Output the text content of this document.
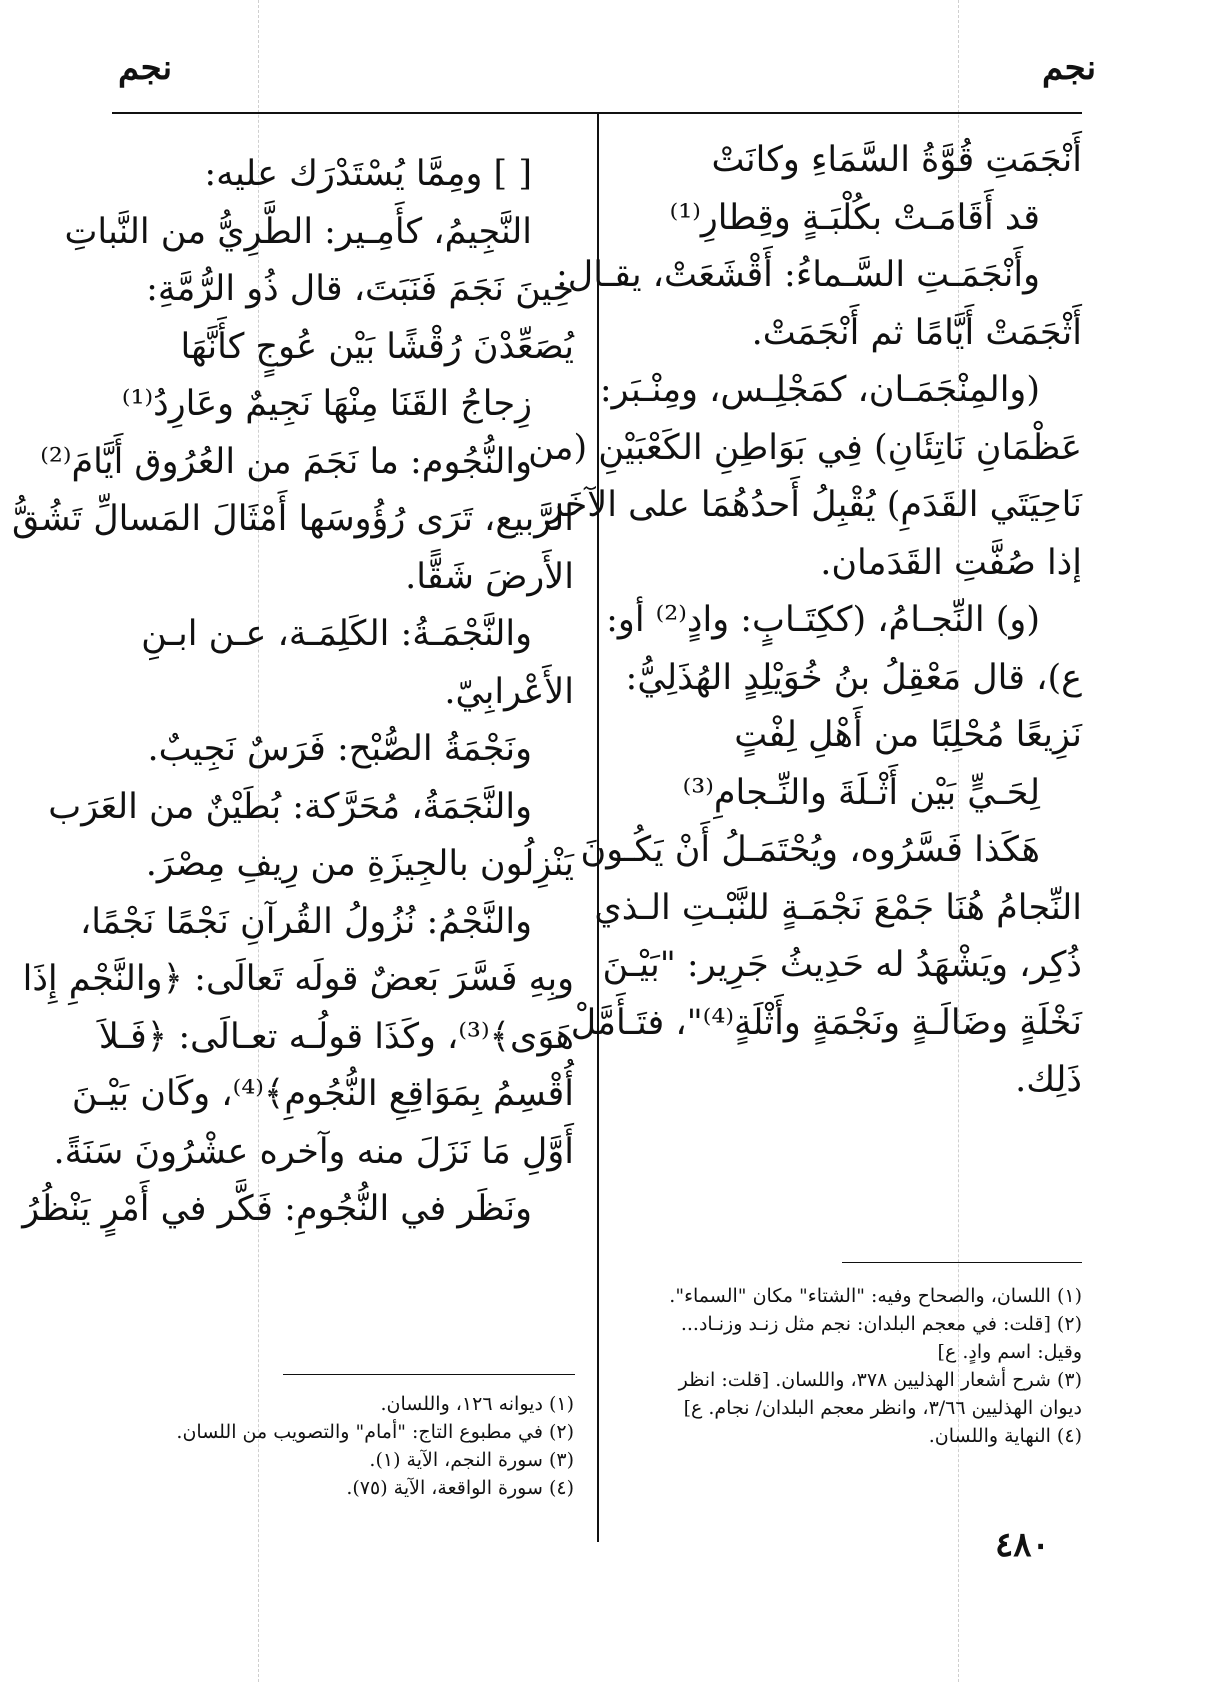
نجم
نجم
أَنْجَمَتِ قُوَّةُ السَّمَاءِ وكانَتْ
قد أَقَامَـتْ بكُلْبَـةٍ وقِطارِ⁽¹⁾
وأَنْجَمَـتِ السَّـماءُ: أَقْشَعَتْ، يقـال:
أَثْجَمَتْ أَيَّامًا ثم أَنْجَمَتْ.
(والمِنْجَمَـان، كمَجْلِـس، ومِنْـبَر:
عَظْمَانِ نَاتِئَانِ) فِي بَوَاطِنِ الكَعْبَيْنِ (من
نَاحِيَتَي القَدَمِ) يُقْبِلُ أَحدُهُمَا على الآخَرِ
إذا صُفَّتِ القَدَمان.
(و) النِّجـامُ، (ككِتَـابٍ: وادٍ⁽²⁾ أو:
ع)، قال مَعْقِلُ بنُ خُوَيْلِدٍ الهُذَلِيُّ:
نَزِيعًا مُحْلِبًا من أَهْلِ لِفْتٍ
لِحَـيٍّ بَيْن أَثْـلَةَ والنِّـجامِ⁽³⁾
هَكَذا فَسَّرُوه، ويُحْتَمَـلُ أَنْ يَكُـونَ
النِّجامُ هُنَا جَمْعَ نَجْمَـةٍ للنَّبْـتِ الـذي
ذُكِر، ويَشْهَدُ له حَدِيثُ جَرِير: "بَيْـنَ
نَخْلَةٍ وضَالَـةٍ ونَجْمَةٍ وأَثْلَةٍ⁽⁴⁾"، فتَـأَمَّلْ
ذَلِك.
(١) اللسان، والصحاح وفيه: "الشتاء" مكان "السماء".
(٢) [قلت: في معجم البلدان: نجم مثل زنـد وزنـاد...
وقيل: اسم وادٍ. ع]
(٣) شرح أشعار الهذليين ٣٧٨، واللسان. [قلت: انظر
ديوان الهذليين ٣/٦٦، وانظر معجم البلدان/ نجام. ع]
(٤) النهاية واللسان.
[ ] ومِمَّا يُسْتَدْرَك عليه:
النَّجِيمُ، كأَمِـير: الطَّرِيُّ من النَّباتِ
حِينَ نَجَمَ فَنَبَتَ، قال ذُو الرُّمَّةِ:
يُصَعِّدْنَ رُقْشًا بَيْن عُوجٍ كأَنَّهَا
زِجاجُ القَنَا مِنْهَا نَجِيمٌ وعَارِدُ⁽¹⁾
والنُّجُوم: ما نَجَمَ من العُرُوق أَيَّامَ⁽²⁾
الرَّبيع، تَرَى رُؤُوسَها أَمْثَالَ المَسالِّ تَشُقُّ
الأَرضَ شَقًّا.
والنَّجْمَـةُ: الكَلِمَـة، عـن ابـنِ
الأَعْرابِيّ.
ونَجْمَةُ الصُّبْح: فَرَسٌ نَجِيبٌ.
والنَّجَمَةُ، مُحَرَّكة: بُطَيْنٌ من العَرَب
يَنْزِلُون بالجِيزَةِ من رِيفِ مِصْرَ.
والنَّجْمُ: نُزُولُ القُرآنِ نَجْمًا نَجْمًا،
وبِهِ فَسَّرَ بَعضٌ قولَه تَعالَى: ﴿والنَّجْمِ إِذَا
هَوَى﴾⁽³⁾، وكَذَا قولُـه تعـالَى: ﴿فَـلاَ
أُقْسِمُ بِمَوَاقِعِ النُّجُومِ﴾⁽⁴⁾، وكَان بَيْـنَ
أَوَّلِ مَا نَزَلَ منه وآخره عشْرُونَ سَنَةً.
ونَظَر في النُّجُومِ: فَكَّر في أَمْرٍ يَنْظُرُ
(١) ديوانه ١٢٦، واللسان.
(٢) في مطبوع التاج: "أمام" والتصويب من اللسان.
(٣) سورة النجم، الآية (١).
(٤) سورة الواقعة، الآية (٧٥).
٤٨٠
